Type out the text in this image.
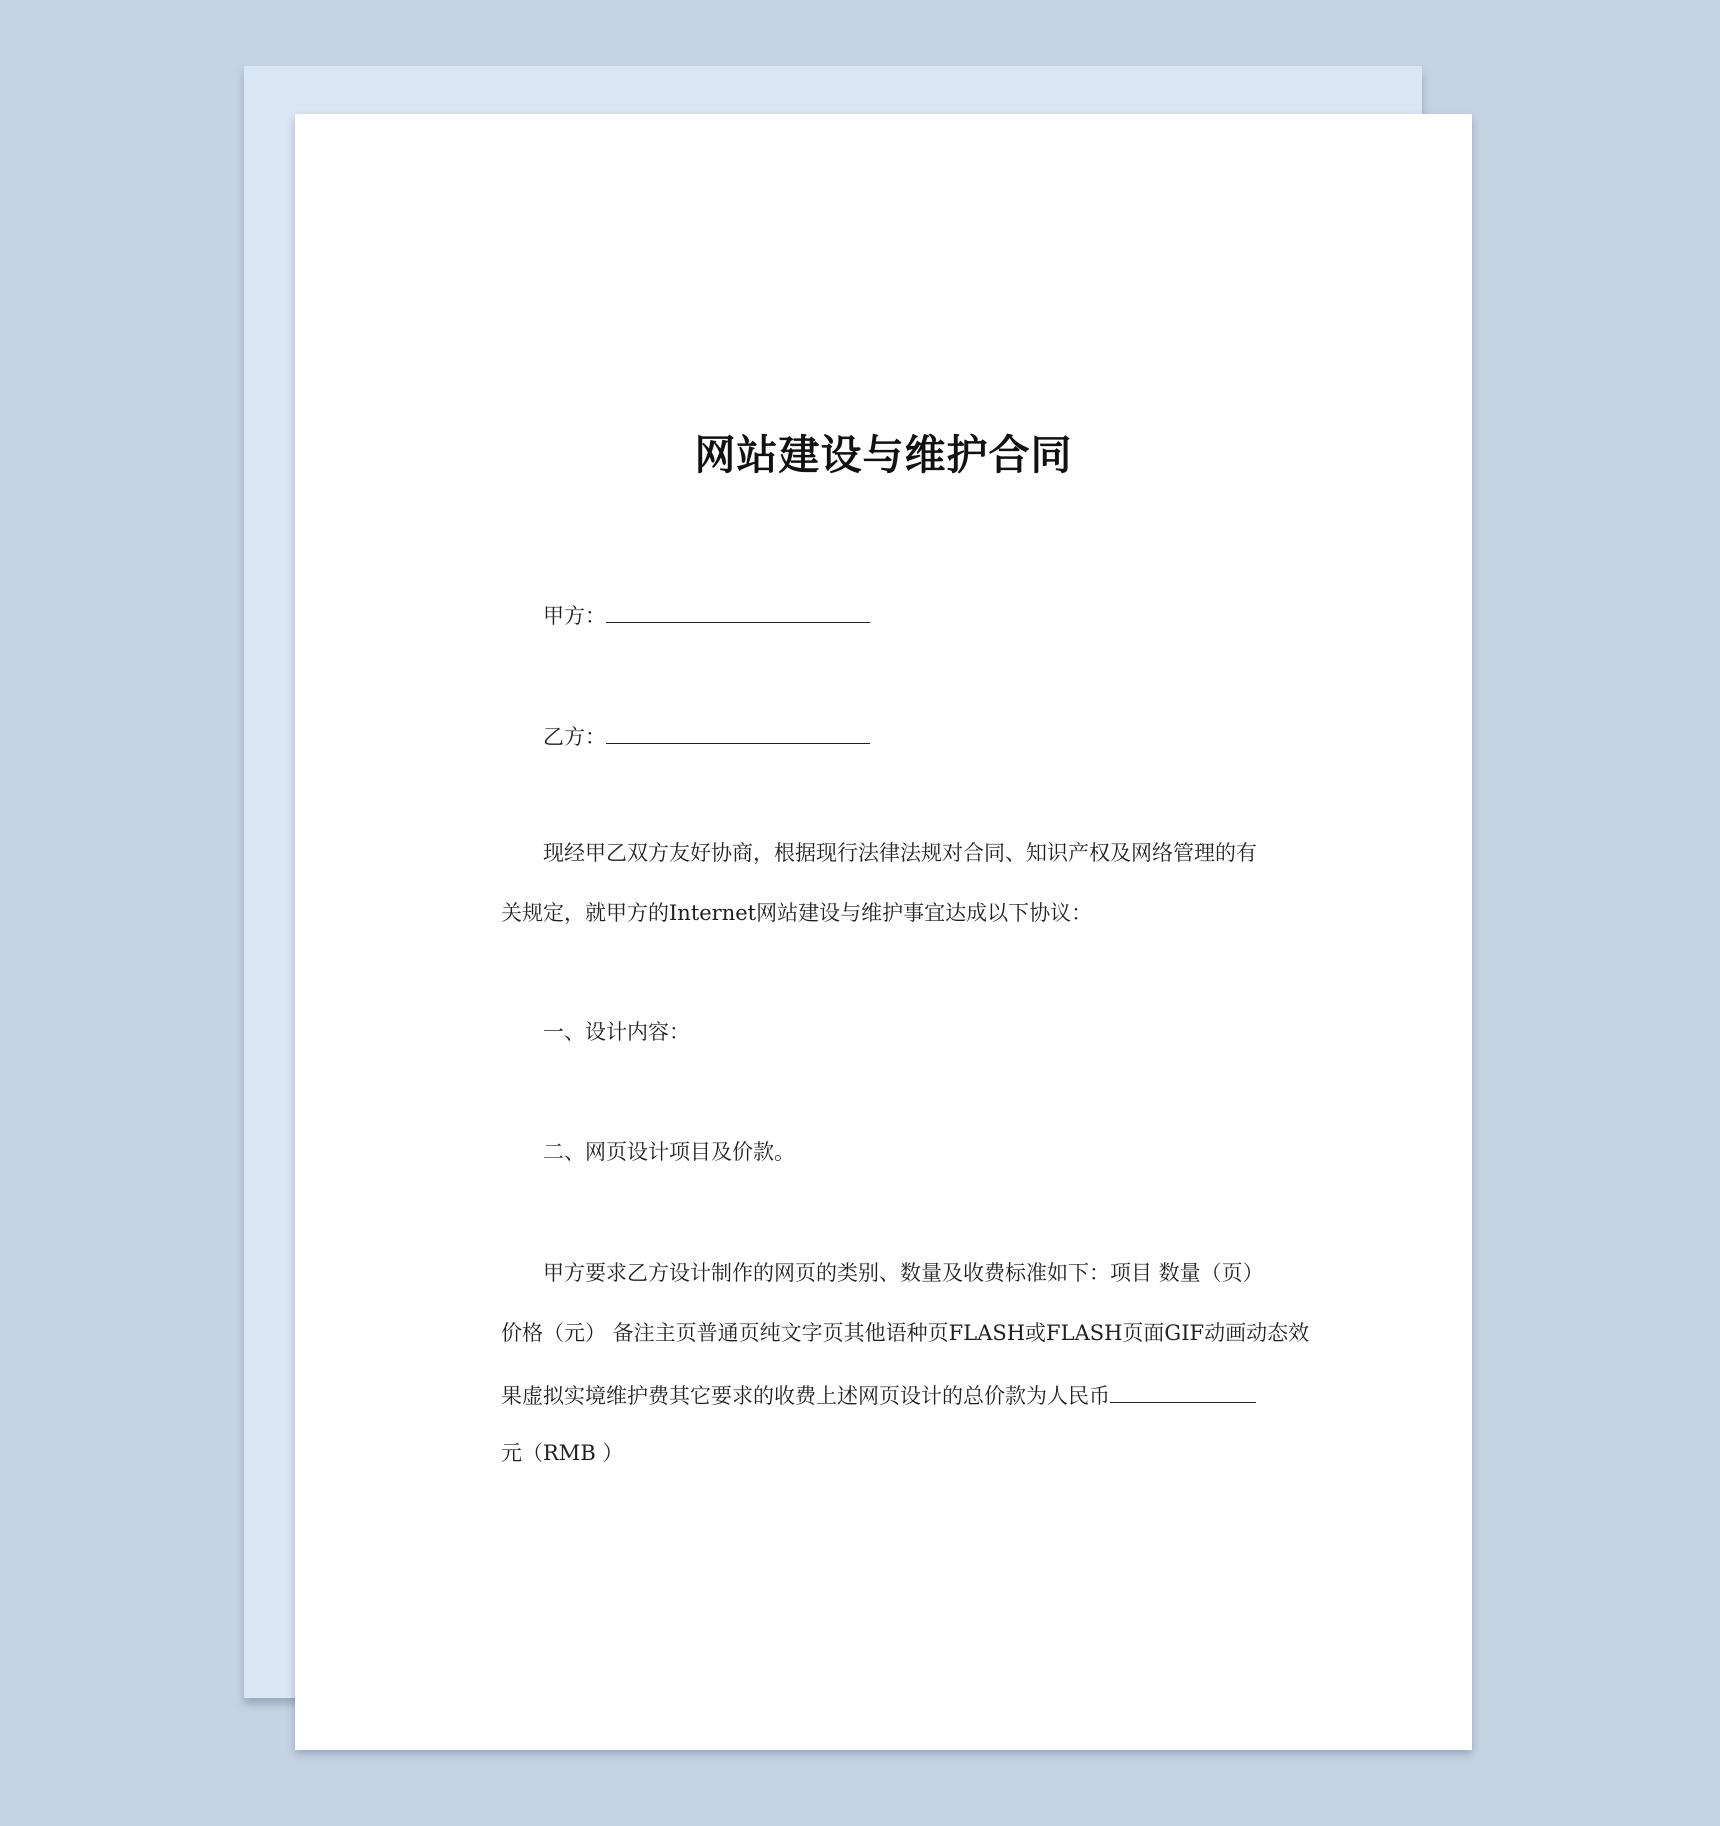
网站建设与维护合同
甲方：
乙方：
现经甲乙双方友好协商，根据现行法律法规对合同、知识产权及网络管理的有
关规定，就甲方的Internet网站建设与维护事宜达成以下协议：
一、设计内容：
二、网页设计项目及价款。
甲方要求乙方设计制作的网页的类别、数量及收费标准如下：项目 数量（页）
价格（元） 备注主页普通页纯文字页其他语种页FLASH或FLASH页面GIF动画动态效
果虚拟实境维护费其它要求的收费上述网页设计的总价款为人民币
元（RMB ）
